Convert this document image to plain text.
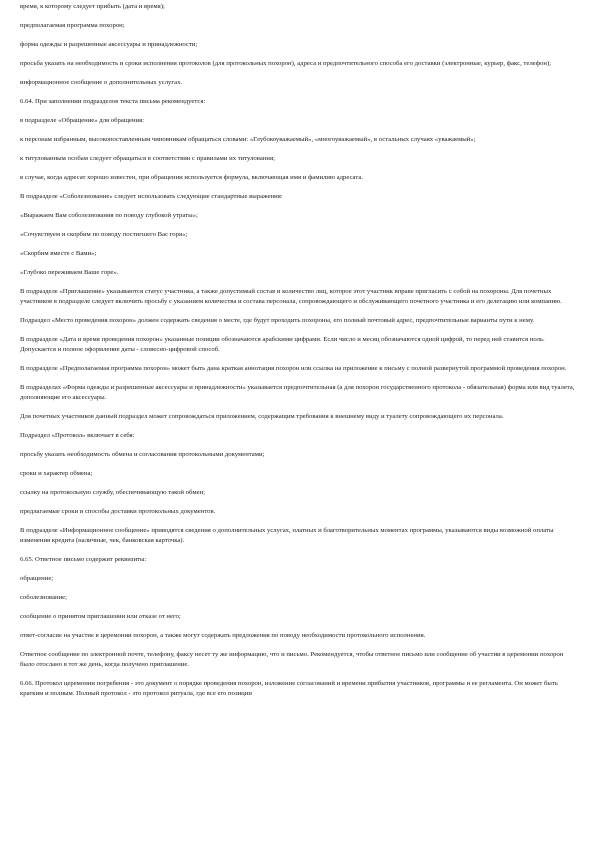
время, к которому следует прибыть (дата и время);

предполагаемая программа похорон;

форма одежды и разрешенные аксессуары и принадлежности;

просьба указать на необходимость и сроки исполнения протоколов (для протокольных похорон), адреса и предпочтительного способа его доставки (электронные, курьер, факс, телефон);

информационное сообщение о дополнительных услугах.

6.64. При заполнении подразделов текста письма рекомендуется:

в подразделе «Обращение» для обращения:

к персонам избранным, высокопоставленным чиновникам обращаться словами: «Глубокоуважаемый», «многоуважаемый», в остальных случаях «уважаемый»;

к титулованным особам следует обращаться в соответствии с правилами их титулования;

в случае, когда адресат хорошо известен, при обращении используется формула, включающая имя и фамилию адресата.

В подразделе «Соболезнование» следует использовать следующие стандартные выражения:

«Выражаем Вам соболезнования по поводу глубокой утраты»;

«Сочувствуем и скорбим по поводу постигшего Вас горя»;

«Скорбим вместе с Вами»;

«Глубоко переживаем Ваше горе».

В подразделе «Приглашение» указываются статус участника, а также допустимый состав и количество лиц, которое этот участник вправе пригласить с собой на похороны. Для почетных участников в подразделе следует включить просьбу с указанием количества и состава персонала, сопровождающего и обслуживающего почетного участника и его делегацию или компанию.

Подраздел «Место проведения похорон» должен содержать сведения о месте, где будут проходить похороны, его полный почтовый адрес, предпочтительные варианты пути к нему.

В подразделе «Дата и время проведения похорон» указанные позиции обозначаются арабскими цифрами. Если число и месяц обозначаются одной цифрой, то перед ней ставится ноль. Допускается и полное оформление даты - словесно-цифровой способ.

В подразделе «Предполагаемая программа похорон» может быть дана краткая аннотация похорон или ссылка на приложение к письму с полной развернутой программой проведения похорон.

В подразделах «Форма одежды и разрешенные аксессуары и принадлежности» указывается предпочтительная (а для похорон государственного протокола - обязательная) форма или вид туалета, дополняющие его аксессуары.

Для почетных участников данный подраздел может сопровождаться приложением, содержащим требования к внешнему виду и туалету сопровождающего их персонала.

Подраздел «Протокол» включает в себя:

просьбу указать необходимость обмена и согласования протокольными документами;

сроки и характер обмена;

ссылку на протокольную службу, обеспечивающую такой обмен;

предлагаемые сроки и способы доставки протокольных документов.

В подразделе «Информационное сообщение» приводятся сведения о дополнительных услугах, платных и благотворительных моментах программы, указываются виды возможной оплаты изменения кредита (наличные, чек, банковская карточка).

6.65. Ответное письмо содержит реквизиты:

обращение;

соболезнование;

сообщение о принятом приглашении или отказе от него;

ответ-согласие на участие в церемонии похорон, а также могут содержать предложения по поводу необходимости протокольного исполнения.

Ответное сообщение по электронной почте, телефону, факсу несет ту же информацию, что и письмо. Рекомендуется, чтобы ответное письмо или сообщение об участии в церемонии похорон было отослано в тот же день, когда получено приглашение.

6.66. Протокол церемонии погребения - это документ о порядке проведения похорон, изложение согласований и времени прибытия участников, программы и ее регламента. Он может быть кратким и полным. Полный протокол - это протокол ритуала, где все его позиции
